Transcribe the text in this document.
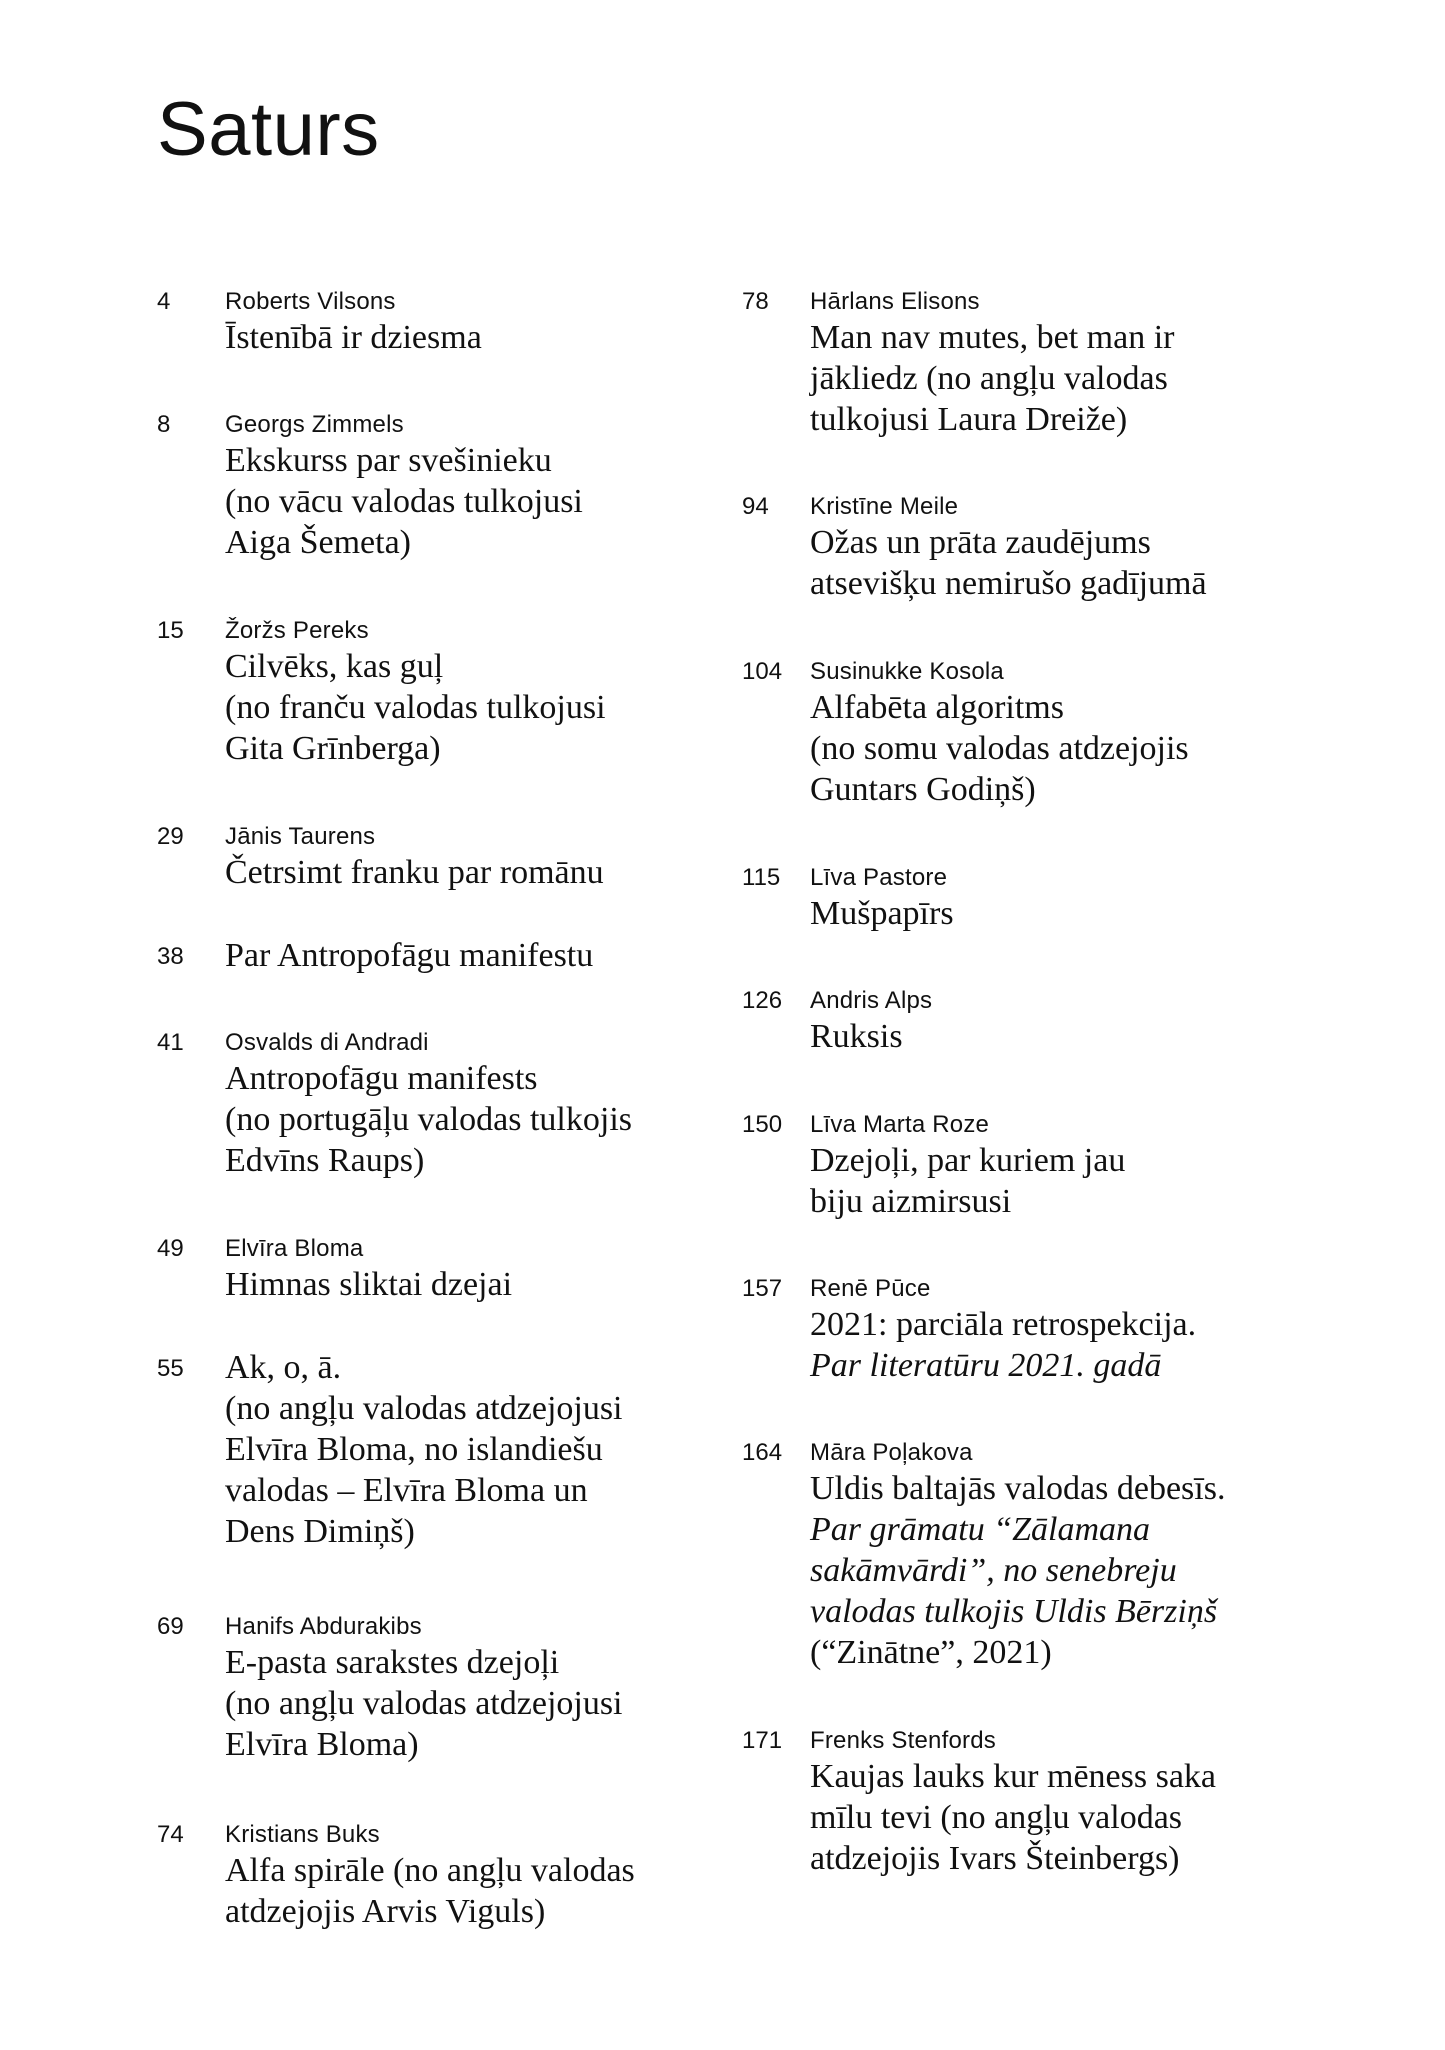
Saturs
4 Roberts Vilsons
Īstenībā ir dziesma
8 Georgs Zimmels
Ekskurss par svešinieku
(no vācu valodas tulkojusi
Aiga Šemeta)
15 Žoržs Pereks
Cilvēks, kas guļ
(no franču valodas tulkojusi
Gita Grīnberga)
29 Jānis Taurens
Četrsimt franku par romānu
38 Par Antropofāgu manifestu
41 Osvalds di Andradi
Antropofāgu manifests
(no portugāļu valodas tulkojis
Edvīns Raups)
49 Elvīra Bloma
Himnas sliktai dzejai
55 Ak, o, ā.
(no angļu valodas atdzejojusi
Elvīra Bloma, no islandiešu
valodas – Elvīra Bloma un
Dens Dimiņš)
69 Hanifs Abdurakibs
E-pasta sarakstes dzejoļi
(no angļu valodas atdzejojusi
Elvīra Bloma)
74 Kristians Buks
Alfa spirāle (no angļu valodas
atdzejojis Arvis Viguls)
78 Hārlans Elisons
Man nav mutes, bet man ir
jākliedz (no angļu valodas
tulkojusi Laura Dreiže)
94 Kristīne Meile
Ožas un prāta zaudējums
atsevišķu nemirušo gadījumā
104 Susinukke Kosola
Alfabēta algoritms
(no somu valodas atdzejojis
Guntars Godiņš)
115 Līva Pastore
Mušpapīrs
126 Andris Alps
Ruksis
150 Līva Marta Roze
Dzejoļi, par kuriem jau
biju aizmirsusi
157 Renē Pūce
2021: parciāla retrospekcija.
Par literatūru 2021. gadā
164 Māra Poļakova
Uldis baltajās valodas debesīs.
Par grāmatu “Zālamana
sakāmvārdi”, no senebreju
valodas tulkojis Uldis Bērziņš
(“Zinātne”, 2021)
171 Frenks Stenfords
Kaujas lauks kur mēness saka
mīlu tevi (no angļu valodas
atdzejojis Ivars Šteinbergs)
